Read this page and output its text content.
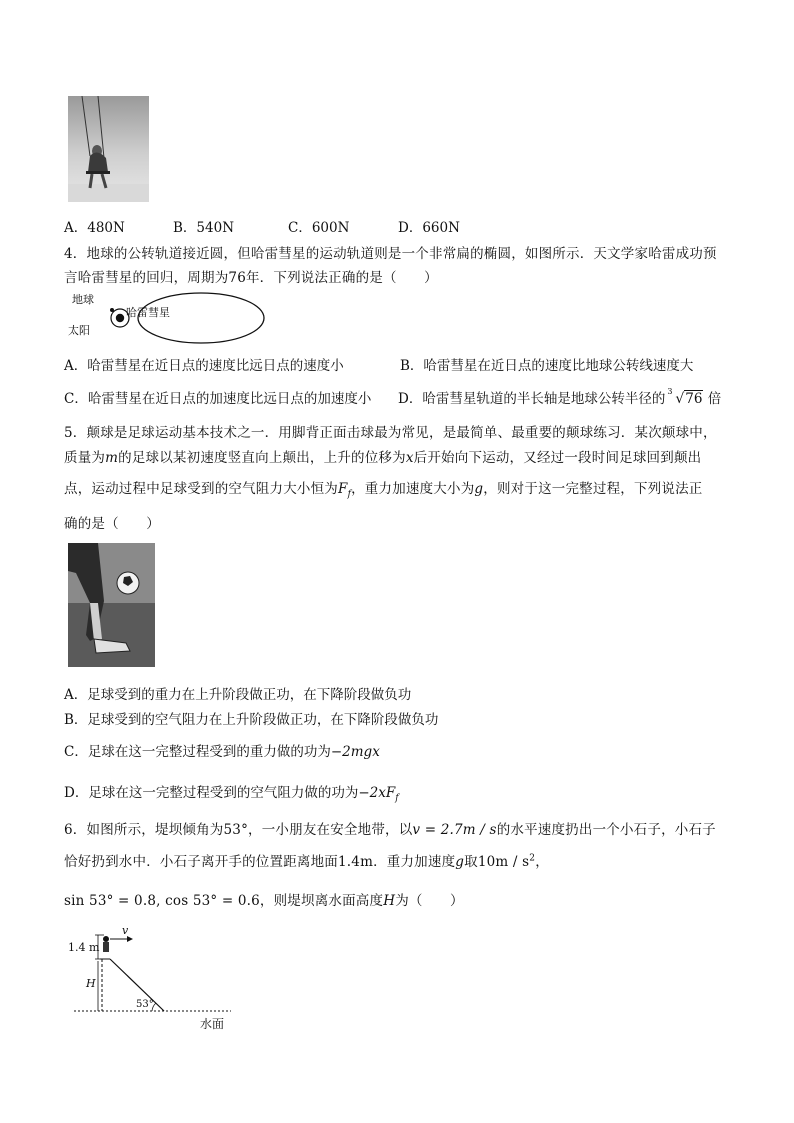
A．480N	B．540N	C．600N	D．660N
4．地球的公转轨道接近圆，但哈雷彗星的运动轨道则是一个非常扁的椭圆，如图所示．天文学家哈雷成功预
言哈雷彗星的回归，周期为76年．下列说法正确的是（　　）
地球
太阳
哈雷彗星
A．哈雷彗星在近日点的速度比远日点的速度小	B．哈雷彗星在近日点的速度比地球公转线速度大
C．哈雷彗星在近日点的加速度比远日点的加速度小 D．哈雷彗星轨道的半长轴是地球公转半径的 3 √76 倍
5．颠球是足球运动基本技术之一．用脚背正面击球最为常见，是最简单、最重要的颠球练习．某次颠球中，
质量为m的足球以某初速度竖直向上颠出，上升的位移为x后开始向下运动，又经过一段时间足球回到颠出
点，运动过程中足球受到的空气阻力大小恒为$F_f$，重力加速度大小为g，则对于这一完整过程，下列说法正
确的是（　　）
A．足球受到的重力在上升阶段做正功，在下降阶段做负功
B．足球受到的空气阻力在上升阶段做正功，在下降阶段做负功
C．足球在这一完整过程受到的重力做的功为−2mgx
D．足球在这一完整过程受到的空气阻力做的功为$-2xF_f$
6．如图所示，堤坝倾角为53°，一小朋友在安全地带，以v = 2.7m / s的水平速度扔出一个小石子，小石子
恰好扔到水中．小石子离开手的位置距离地面1.4m．重力加速度g取$10m / s^2$，
sin 53° = 0.8, cos 53° = 0.6，则堤坝离水面高度H为（　　）
1.4 m
v
H
53°
水面
